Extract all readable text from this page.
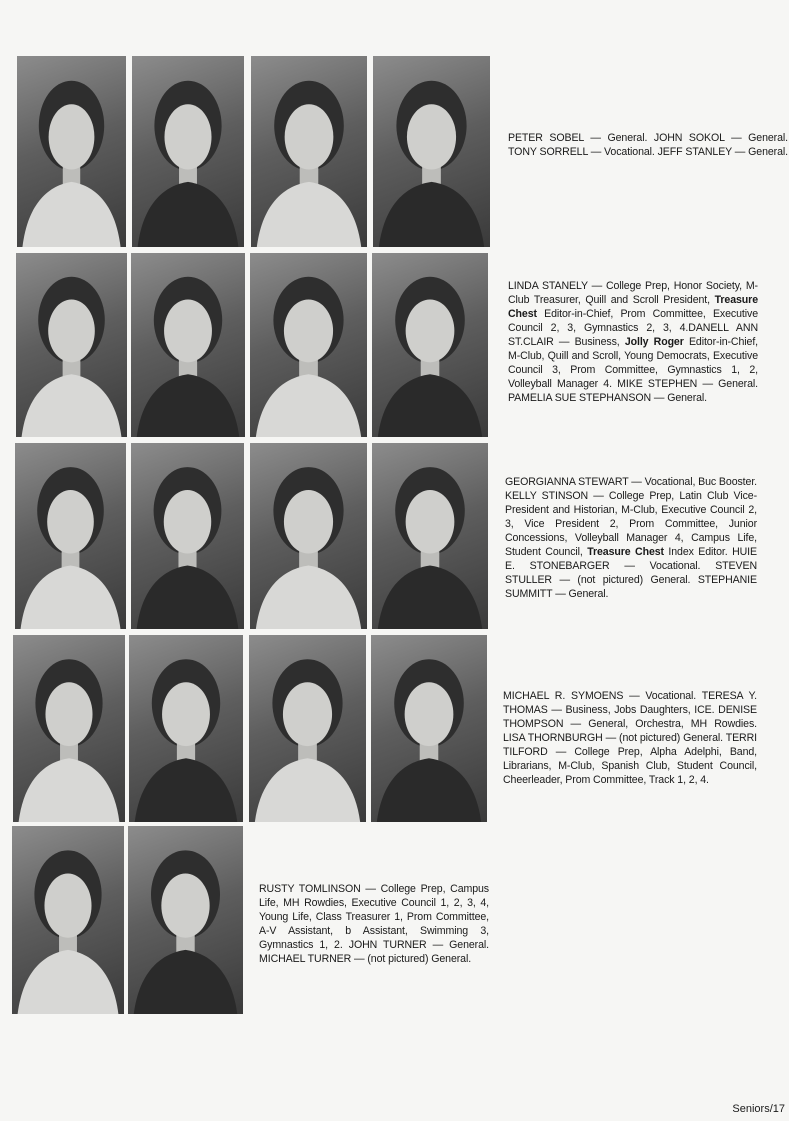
PETER SOBEL — General. JOHN SOKOL — General. TONY SORRELL — Vocational. JEFF STANLEY — General.
LINDA STANELY — College Prep, Honor Society, M-Club Treasurer, Quill and Scroll President, Treasure Chest Editor-in-Chief, Prom Committee, Executive Council 2, 3, Gymnastics 2, 3, 4.DANELL ANN ST.CLAIR — Business, Jolly Roger Editor-in-Chief, M-Club, Quill and Scroll, Young Democrats, Executive Council 3, Prom Committee, Gymnastics 1, 2, Volleyball Manager 4. MIKE STEPHEN — General. PAMELIA SUE STEPHANSON — General.
GEORGIANNA STEWART — Vocational, Buc Booster. KELLY STINSON — College Prep, Latin Club Vice-President and Historian, M-Club, Executive Council 2, 3, Vice President 2, Prom Committee, Junior Concessions, Volleyball Manager 4, Campus Life, Student Council, Treasure Chest Index Editor. HUIE E. STONEBARGER — Vocational. STEVEN STULLER — (not pictured) General. STEPHANIE SUMMITT — General.
MICHAEL R. SYMOENS — Vocational. TERESA Y. THOMAS — Business, Jobs Daughters, ICE. DENISE THOMPSON — General, Orchestra, MH Rowdies. LISA THORNBURGH — (not pictured) General. TERRI TILFORD — College Prep, Alpha Adelphi, Band, Librarians, M-Club, Spanish Club, Student Council, Cheerleader, Prom Committee, Track 1, 2, 4.
RUSTY TOMLINSON — College Prep, Campus Life, MH Rowdies, Executive Council 1, 2, 3, 4, Young Life, Class Treasurer 1, Prom Committee, A-V Assistant, b Assistant, Swimming 3, Gymnastics 1, 2. JOHN TURNER — General. MICHAEL TURNER — (not pictured) General.
Seniors/17
